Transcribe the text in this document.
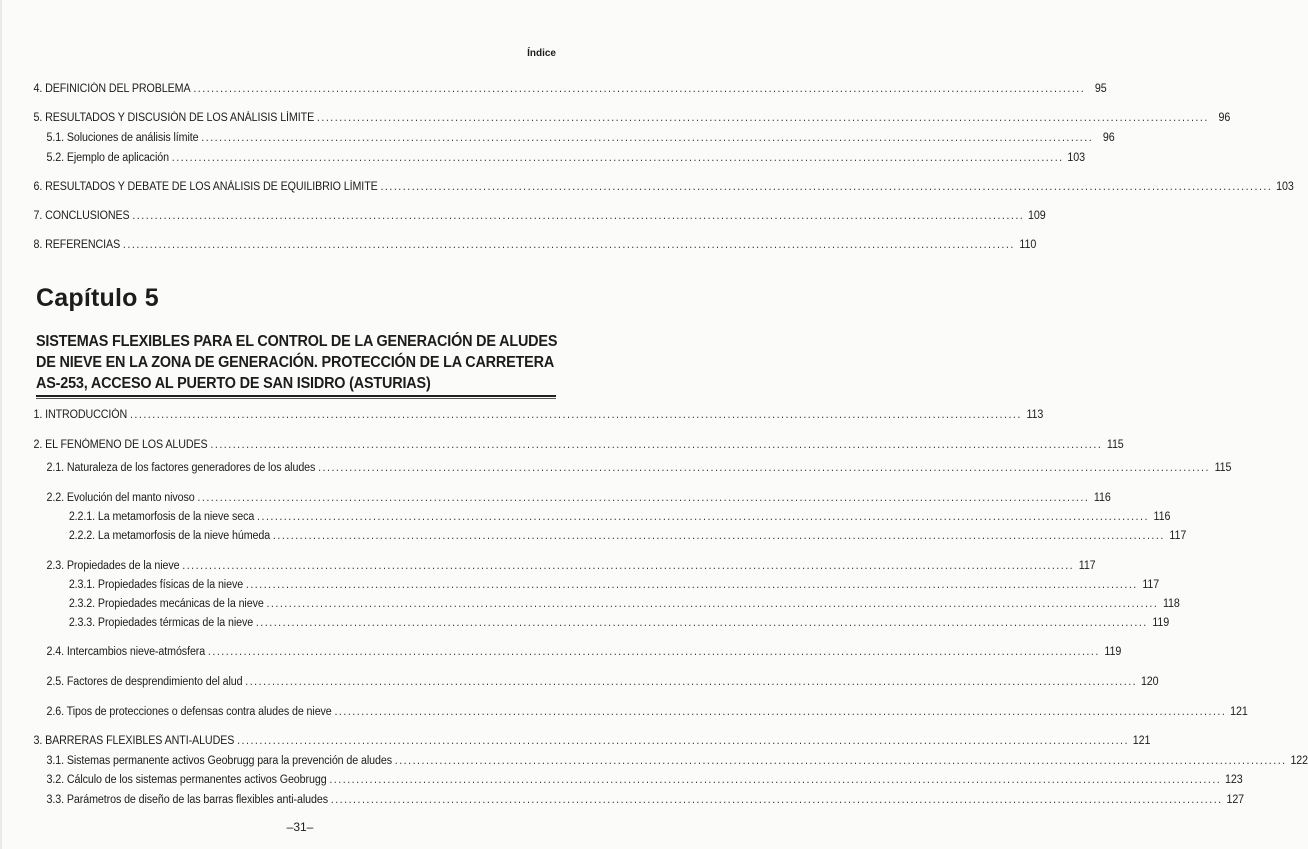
Índice
4. DEFINICIÓN DEL PROBLEMA ........................................................................................................................................................................................................ 95
5. RESULTADOS Y DISCUSIÓN DE LOS ANÁLISIS LÍMITE ........................................................................................................................................................................................................ 96
5.1. Soluciones de análisis límite ........................................................................................................................................................................................................ 96
5.2. Ejemplo de aplicación ........................................................................................................................................................................................................ 103
6. RESULTADOS Y DEBATE DE LOS ANÁLISIS DE EQUILIBRIO LÍMITE ........................................................................................................................................................................................................ 103
7. CONCLUSIONES ........................................................................................................................................................................................................ 109
8. REFERENCIAS ........................................................................................................................................................................................................ 110
Capítulo 5
SISTEMAS FLEXIBLES PARA EL CONTROL DE LA GENERACIÓN DE ALUDES
DE NIEVE EN LA ZONA DE GENERACIÓN. PROTECCIÓN DE LA CARRETERA
AS-253, ACCESO AL PUERTO DE SAN ISIDRO (ASTURIAS)
1. INTRODUCCIÓN ........................................................................................................................................................................................................ 113
2. EL FENÓMENO DE LOS ALUDES ........................................................................................................................................................................................................ 115
2.1. Naturaleza de los factores generadores de los aludes ........................................................................................................................................................................................................ 115
2.2. Evolución del manto nivoso ........................................................................................................................................................................................................ 116
2.2.1. La metamorfosis de la nieve seca ........................................................................................................................................................................................................ 116
2.2.2. La metamorfosis de la nieve húmeda ........................................................................................................................................................................................................ 117
2.3. Propiedades de la nieve ........................................................................................................................................................................................................ 117
2.3.1. Propiedades físicas de la nieve ........................................................................................................................................................................................................ 117
2.3.2. Propiedades mecánicas de la nieve ........................................................................................................................................................................................................ 118
2.3.3. Propiedades térmicas de la nieve ........................................................................................................................................................................................................ 119
2.4. Intercambios nieve-atmósfera ........................................................................................................................................................................................................ 119
2.5. Factores de desprendimiento del alud ........................................................................................................................................................................................................ 120
2.6. Tipos de protecciones o defensas contra aludes de nieve ........................................................................................................................................................................................................ 121
3. BARRERAS FLEXIBLES ANTI-ALUDES ........................................................................................................................................................................................................ 121
3.1. Sistemas permanente activos Geobrugg para la prevención de aludes ........................................................................................................................................................................................................ 122
3.2. Cálculo de los sistemas permanentes activos Geobrugg ........................................................................................................................................................................................................ 123
3.3. Parámetros de diseño de las barras flexibles anti-aludes ........................................................................................................................................................................................................ 127
–31–
